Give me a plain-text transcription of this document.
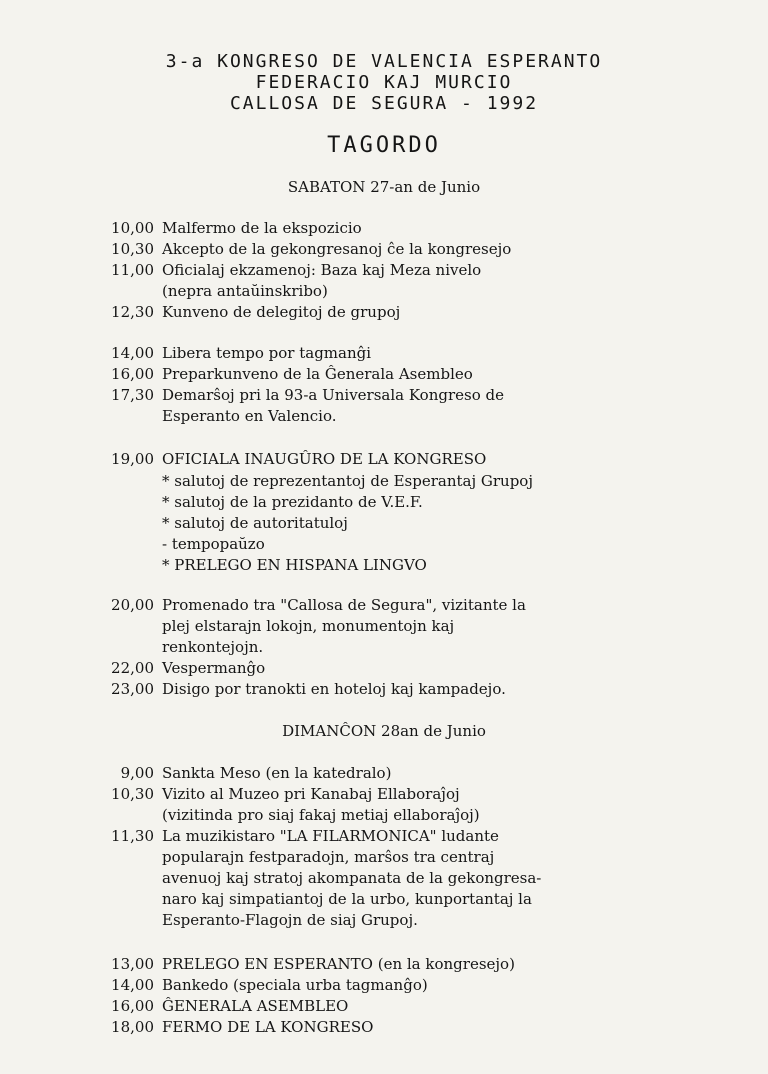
3-a KONGRESO DE VALENCIA ESPERANTO
FEDERACIO KAJ MURCIO
CALLOSA DE SEGURA - 1992
TAGORDO
SABATON 27-an de Junio
10,00 Malfermo de la ekspozicio
10,30 Akcepto de la gekongresanoj ĉe la kongresejo
11,00 Oficialaj ekzamenoj: Baza kaj Meza nivelo
(nepra antaŭinskribo)
12,30 Kunveno de delegitoj de grupoj
14,00 Libera tempo por tagmanĝi
16,00 Preparkunveno de la Ĝenerala Asembleo
17,30 Demarŝoj pri la 93-a Universala Kongreso de
Esperanto en Valencio.
19,00 OFICIALA INAUGÛRO DE LA KONGRESO
* salutoj de reprezentantoj de Esperantaj Grupoj
* salutoj de la prezidanto de V.E.F.
* salutoj de autoritatuloj
- tempopaŭzo
* PRELEGO EN HISPANA LINGVO
20,00 Promenado tra "Callosa de Segura", vizitante la
plej elstarajn lokojn, monumentojn kaj
renkontejojn.
22,00 Vespermanĝo
23,00 Disigo por tranokti en hoteloj kaj kampadejo.
DIMANĈON 28an de Junio
9,00 Sankta Meso (en la katedralo)
10,30 Vizito al Muzeo pri Kanabaj Ellaboraĵoj
(vizitinda pro siaj fakaj metiaj ellaboraĵoj)
11,30 La muzikistaro "LA FILARMONICA" ludante
popularajn festparadojn, marŝos tra centraj
avenuoj kaj stratoj akompanata de la gekongresa-
naro kaj simpatiantoj de la urbo, kunportantaj la
Esperanto-Flagojn de siaj Grupoj.
13,00 PRELEGO EN ESPERANTO (en la kongresejo)
14,00 Bankedo (speciala urba tagmanĝo)
16,00 ĜENERALA ASEMBLEO
18,00 FERMO DE LA KONGRESO
